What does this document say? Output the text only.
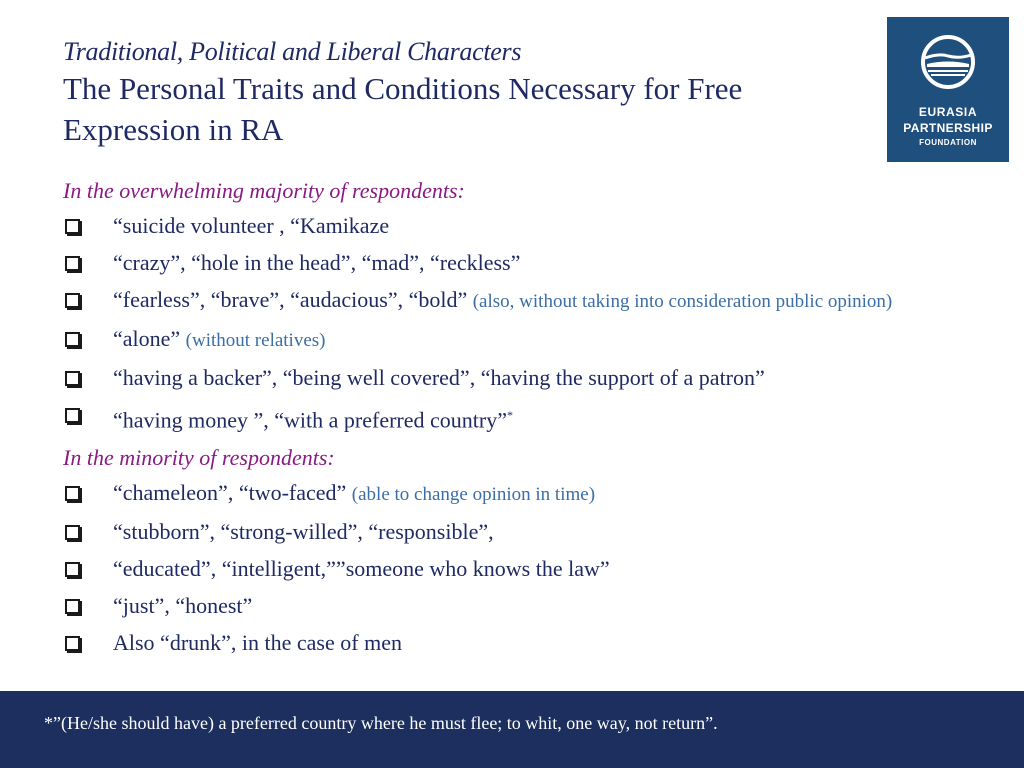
Traditional, Political and Liberal Characters
The Personal Traits and Conditions Necessary for Free
Expression in RA	EURASIA
PARTNERSHIP
FOUNDATION
In the overwhelming majority of respondents:
“suicide volunteer , “Kamikaze
“crazy”, “hole in the head”, “mad”, “reckless”
“fearless”, “brave”, “audacious”, “bold” (also, without taking into consideration public opinion)
“alone” (without relatives)
“having a backer”, “being well covered”, “having the support of a patron”
“having money ”, “with a preferred country”*
In the minority of respondents:
“chameleon”, “two-faced” (able to change opinion in time)
“stubborn”, “strong-willed”, “responsible”,
“educated”, “intelligent,””someone who knows the law”
“just”, “honest”
Also “drunk”, in the case of men
*”(He/she should have) a preferred country where he must flee; to whit, one way, not return”.
